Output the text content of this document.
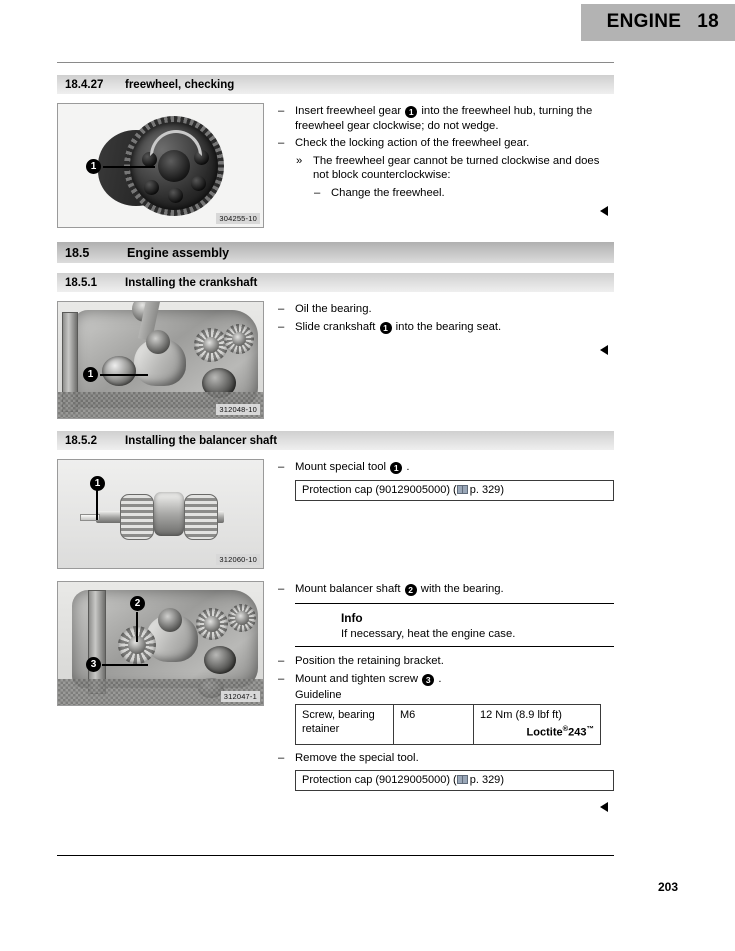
ENGINE 18
18.4.27	freewheel, checking
1
304255-10
–
Insert freewheel gear 1 into the freewheel hub, turning the freewheel gear clockwise; do not wedge.
–
Check the locking action of the freewheel gear.
»
The freewheel gear cannot be turned clockwise and does not block counterclockwise:
–
Change the freewheel.
18.5	Engine assembly
18.5.1	Installing the crankshaft
1
312048-10
–
Oil the bearing.
–
Slide crankshaft 1 into the bearing seat.
18.5.2	Installing the balancer shaft
1
312060-10
–
Mount special tool 1 .
Protection cap (90129005000) ( p. 329)
2
3
312047-1
–
Mount balancer shaft 2 with the bearing.
Info
If necessary, heat the engine case.
–
Position the retaining bracket.
–
Mount and tighten screw 3 .
Guideline
Screw, bearing retainer	M6	12 Nm (8.9 lbf ft)
Loctite®243™
–
Remove the special tool.
Protection cap (90129005000) ( p. 329)
203
